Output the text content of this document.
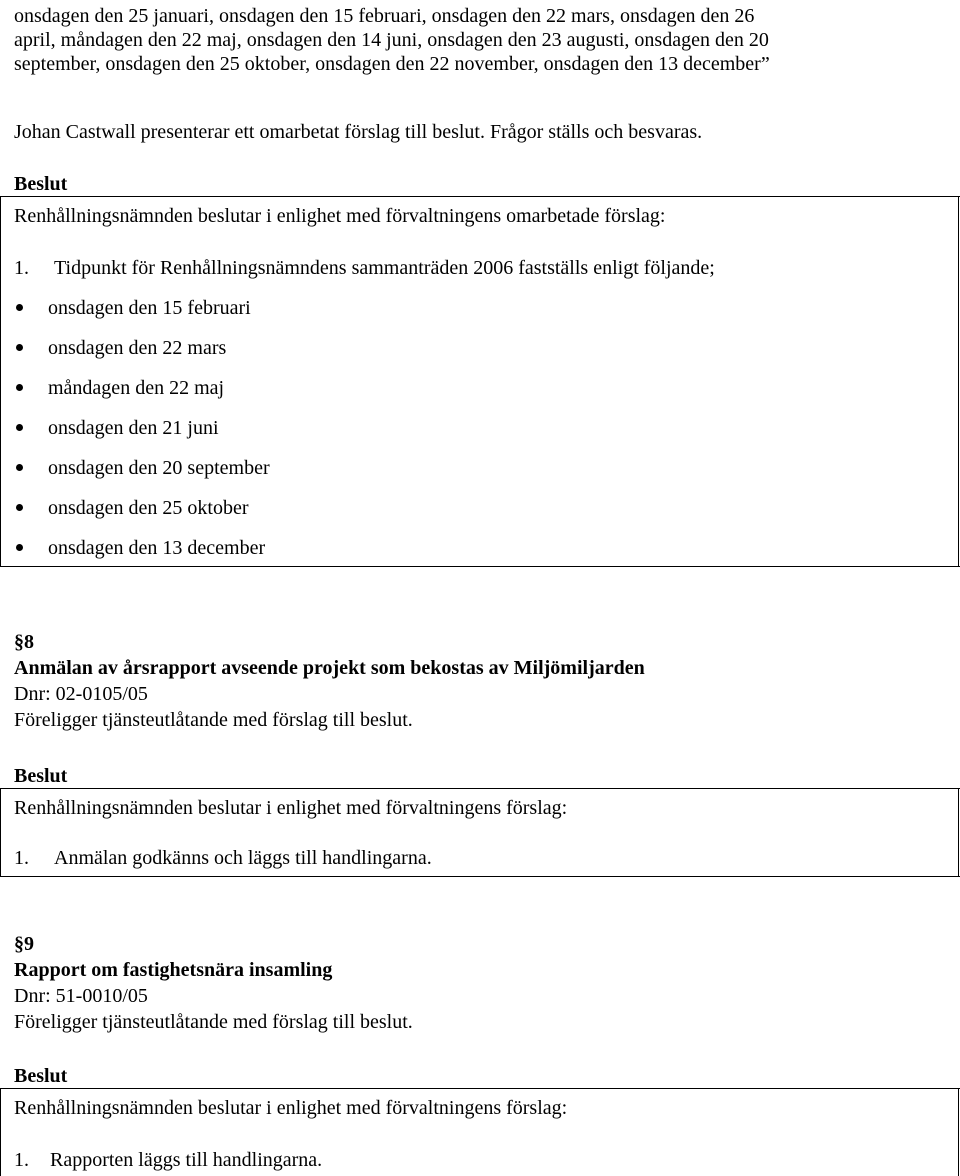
onsdagen den 25 januari, onsdagen den 15 februari, onsdagen den 22 mars, onsdagen den 26
april, måndagen den 22 maj, onsdagen den 14 juni, onsdagen den 23 augusti, onsdagen den 20
september, onsdagen den 25 oktober, onsdagen den 22 november, onsdagen den 13 december”
Johan Castwall presenterar ett omarbetat förslag till beslut. Frågor ställs och besvaras.
Beslut
Renhållningsnämnden beslutar i enlighet med förvaltningens omarbetade förslag:
1. Tidpunkt för Renhållningsnämndens sammanträden 2006 fastställs enligt följande;
onsdagen den 15 februari
onsdagen den 22 mars
måndagen den 22 maj
onsdagen den 21 juni
onsdagen den 20 september
onsdagen den 25 oktober
onsdagen den 13 december
§8
Anmälan av årsrapport avseende projekt som bekostas av Miljömiljarden
Dnr: 02-0105/05
Föreligger tjänsteutlåtande med förslag till beslut.
Beslut
Renhållningsnämnden beslutar i enlighet med förvaltningens förslag:
1. Anmälan godkänns och läggs till handlingarna.
§9
Rapport om fastighetsnära insamling
Dnr: 51-0010/05
Föreligger tjänsteutlåtande med förslag till beslut.
Beslut
Renhållningsnämnden beslutar i enlighet med förvaltningens förslag:
1. Rapporten läggs till handlingarna.
